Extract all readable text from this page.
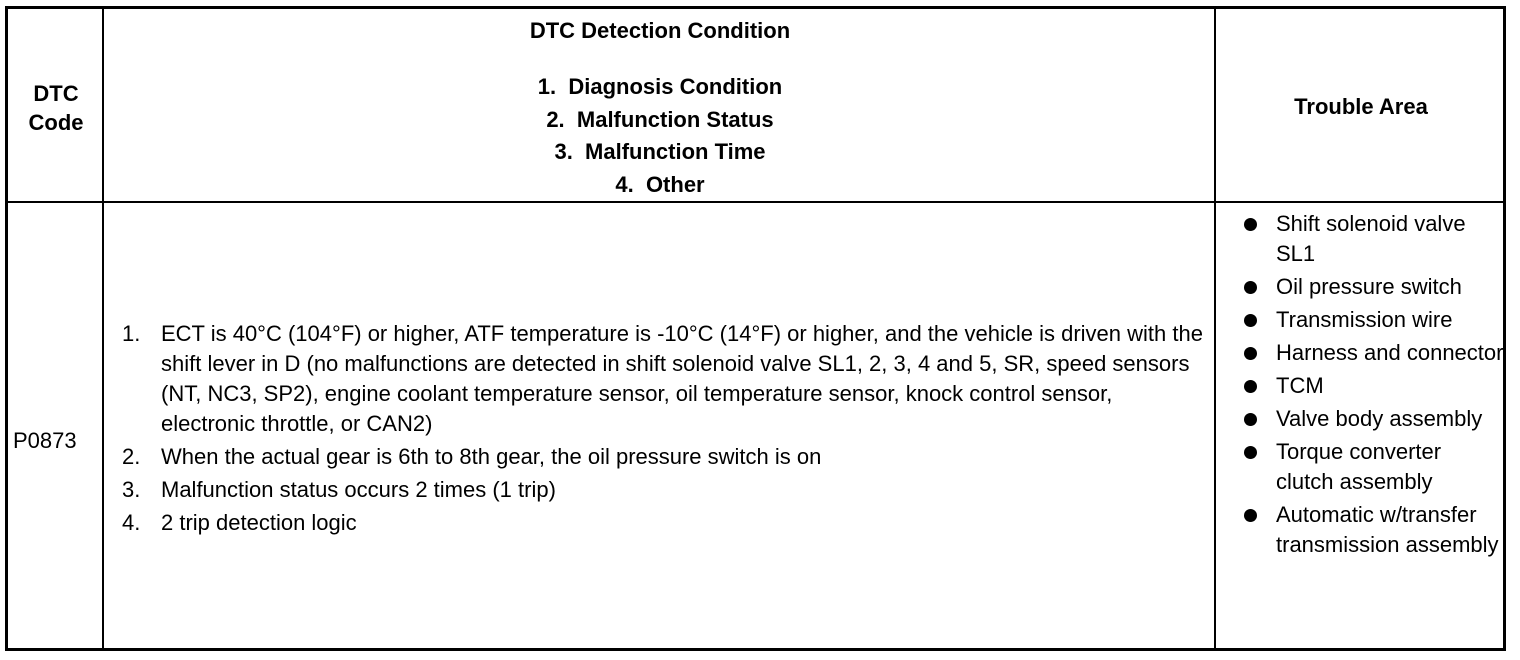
DTC
Code
DTC Detection Condition
1.  Diagnosis Condition
2.  Malfunction Status
3.  Malfunction Time
4.  Other
Trouble Area
P0873
1. ECT is 40°C (104°F) or higher, ATF temperature is -10°C (14°F) or higher, and the vehicle is driven with the shift lever in D (no malfunctions are detected in shift solenoid valve SL1, 2, 3, 4 and 5, SR, speed sensors (NT, NC3, SP2), engine coolant temperature sensor, oil temperature sensor, knock control sensor, electronic throttle, or CAN2)
2. When the actual gear is 6th to 8th gear, the oil pressure switch is on
3. Malfunction status occurs 2 times (1 trip)
4. 2 trip detection logic
Shift solenoid valve SL1
Oil pressure switch
Transmission wire
Harness and connector
TCM
Valve body assembly
Torque converter clutch assembly
Automatic w/transfer transmission assembly
